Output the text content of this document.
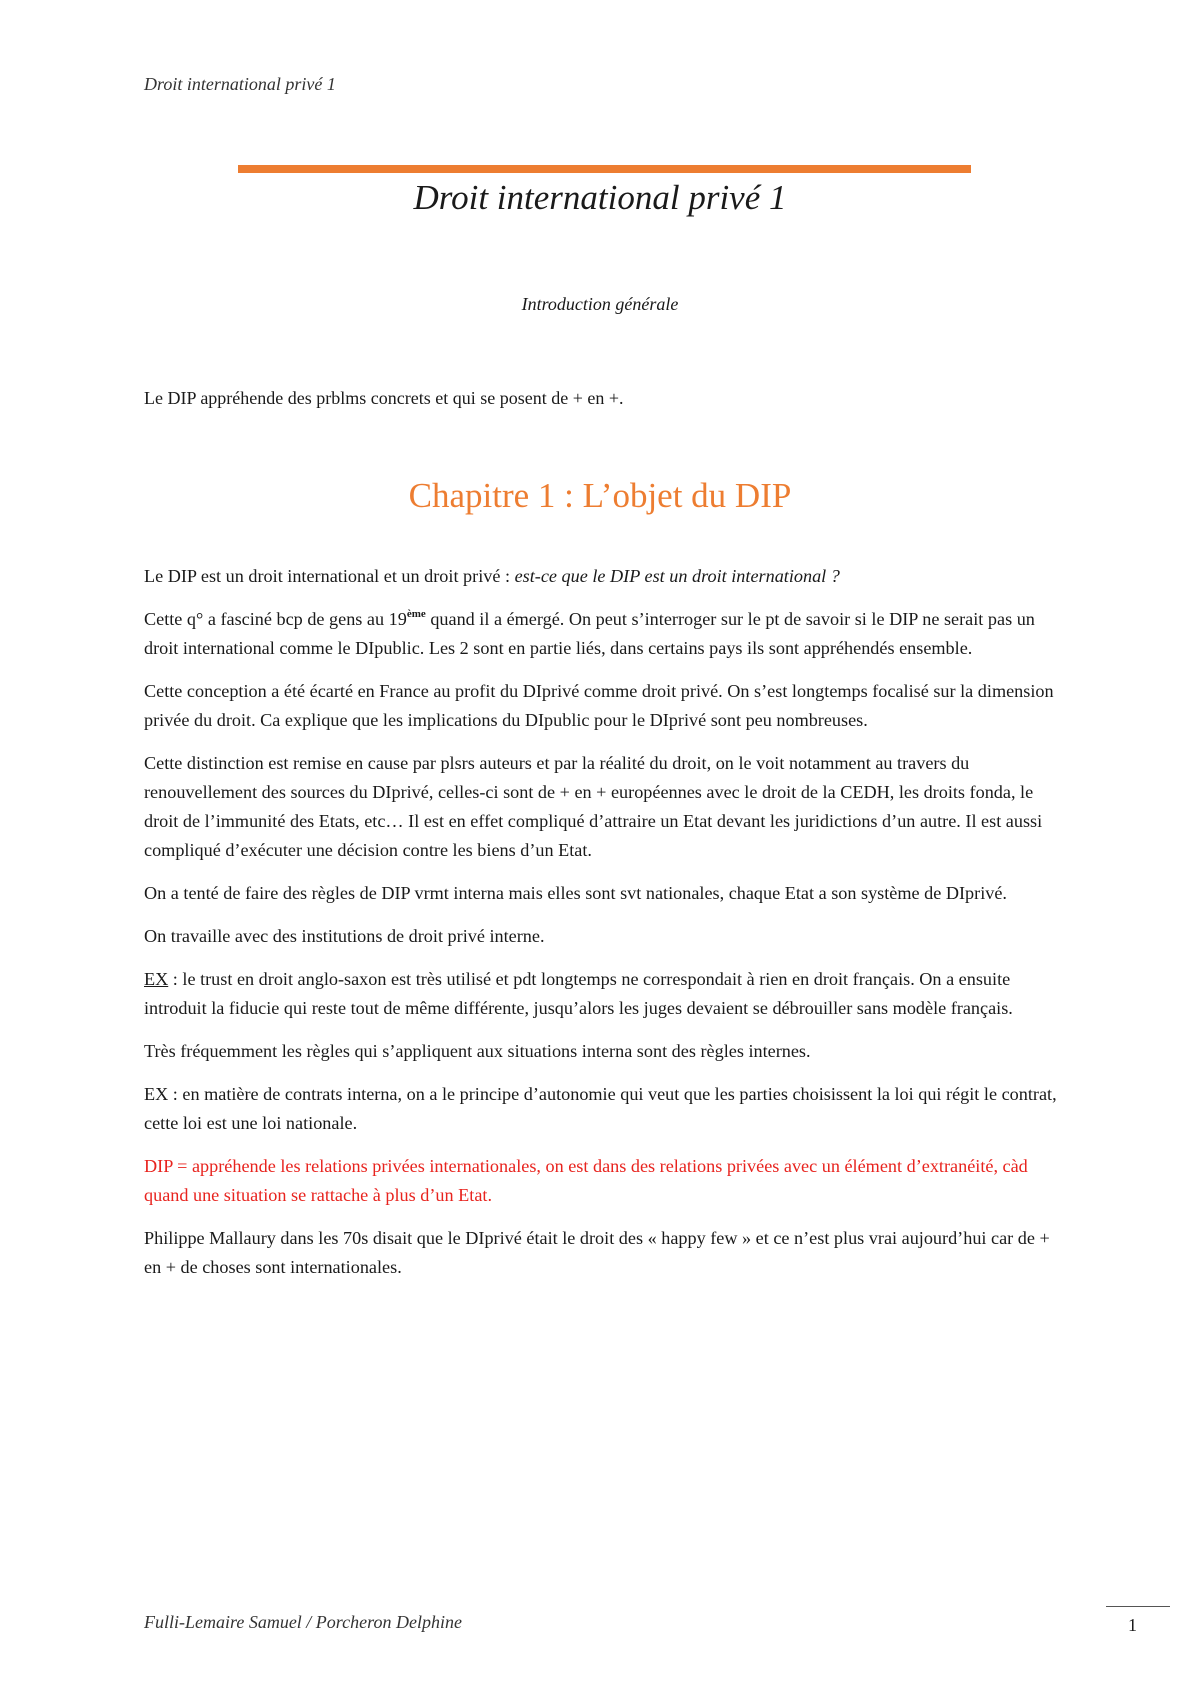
Droit international privé 1
Droit international privé 1
Introduction générale
Le DIP appréhende des prblms concrets et qui se posent de + en +.
Chapitre 1 : L’objet du DIP

Le DIP est un droit international et un droit privé : est-ce que le DIP est un droit international ?

Cette q° a fasciné bcp de gens au 19ème quand il a émergé. On peut s’interroger sur le pt de savoir si le DIP ne serait pas un droit international comme le DIpublic. Les 2 sont en partie liés, dans certains pays ils sont appréhendés ensemble.

Cette conception a été écarté en France au profit du DIprivé comme droit privé. On s’est longtemps focalisé sur la dimension privée du droit. Ca explique que les implications du DIpublic pour le DIprivé sont peu nombreuses.

Cette distinction est remise en cause par plsrs auteurs et par la réalité du droit, on le voit notamment au travers du renouvellement des sources du DIprivé, celles-ci sont de + en + européennes avec le droit de la CEDH, les droits fonda, le droit de l’immunité des Etats, etc… Il est en effet compliqué d’attraire un Etat devant les juridictions d’un autre. Il est aussi compliqué d’exécuter une décision contre les biens d’un Etat.

On a tenté de faire des règles de DIP vrmt interna mais elles sont svt nationales, chaque Etat a son système de DIprivé.

On travaille avec des institutions de droit privé interne.

EX : le trust en droit anglo-saxon est très utilisé et pdt longtemps ne correspondait à rien en droit français. On a ensuite introduit la fiducie qui reste tout de même différente, jusqu’alors les juges devaient se débrouiller sans modèle français.

Très fréquemment les règles qui s’appliquent aux situations interna sont des règles internes.

EX : en matière de contrats interna, on a le principe d’autonomie qui veut que les parties choisissent la loi qui régit le contrat, cette loi est une loi nationale.

DIP = appréhende les relations privées internationales, on est dans des relations privées avec un élément d’extranéité, càd quand une situation se rattache à plus d’un Etat.

Philippe Mallaury dans les 70s disait que le DIprivé était le droit des « happy few » et ce n’est plus vrai aujourd’hui car de + en + de choses sont internationales.

Fulli-Lemaire Samuel / Porcheron Delphine	1
